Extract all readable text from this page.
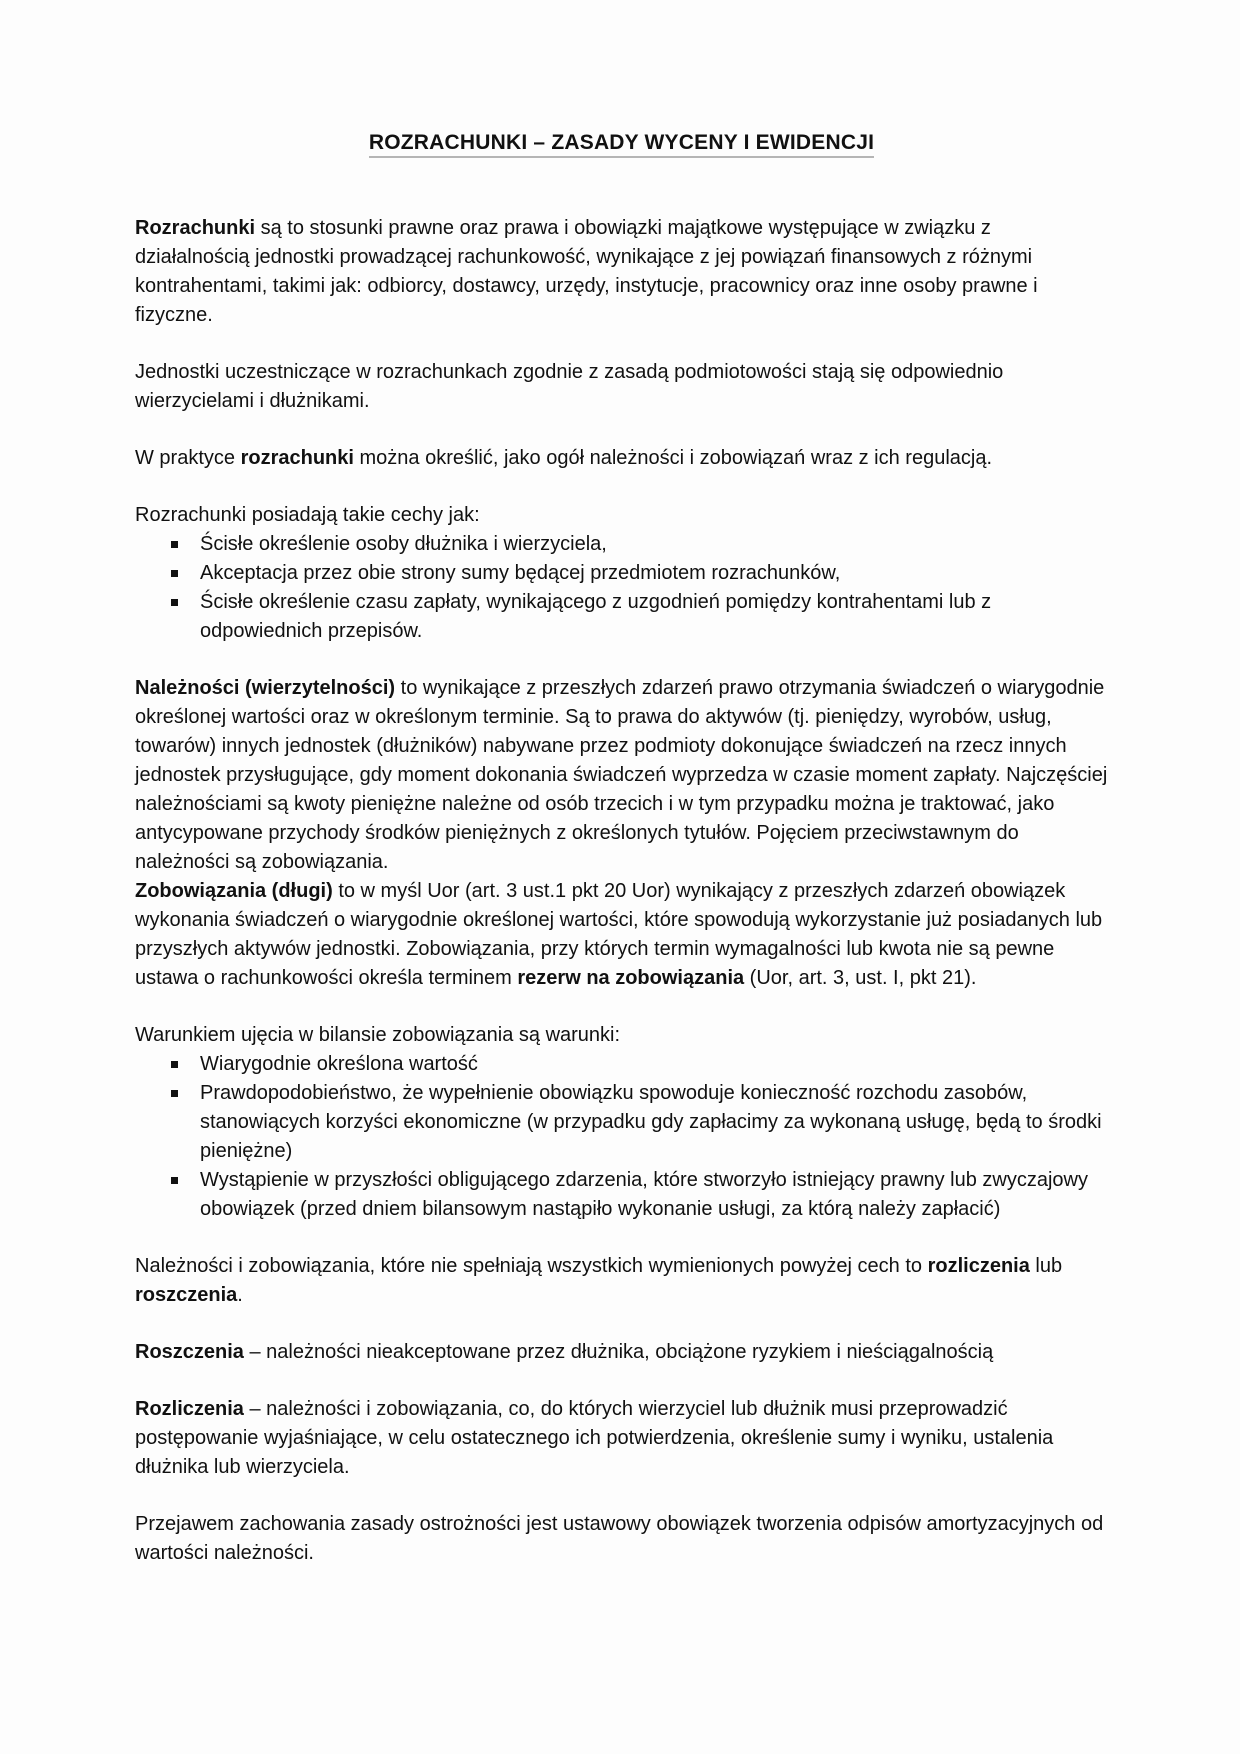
ROZRACHUNKI – ZASADY WYCENY I EWIDENCJI

Rozrachunki są to stosunki prawne oraz prawa i obowiązki majątkowe występujące w związku z działalnością jednostki prowadzącej rachunkowość, wynikające z jej powiązań finansowych z różnymi kontrahentami, takimi jak: odbiorcy, dostawcy, urzędy, instytucje, pracownicy oraz inne osoby prawne i fizyczne.

Jednostki uczestniczące w rozrachunkach zgodnie z zasadą podmiotowości stają się odpowiednio wierzycielami i dłużnikami.

W praktyce rozrachunki można określić, jako ogół należności i zobowiązań wraz z ich regulacją.

Rozrachunki posiadają takie cechy jak:

Ścisłe określenie osoby dłużnika i wierzyciela,
Akceptacja przez obie strony sumy będącej przedmiotem rozrachunków,
Ścisłe określenie czasu zapłaty, wynikającego z uzgodnień pomiędzy kontrahentami lub z odpowiednich przepisów.

Należności (wierzytelności) to wynikające z przeszłych zdarzeń prawo otrzymania świadczeń o wiarygodnie określonej wartości oraz w określonym terminie. Są to prawa do aktywów (tj. pieniędzy, wyrobów, usług, towarów) innych jednostek (dłużników) nabywane przez podmioty dokonujące świadczeń na rzecz innych jednostek przysługujące, gdy moment dokonania świadczeń wyprzedza w czasie moment zapłaty. Najczęściej należnościami są kwoty pieniężne należne od osób trzecich i w tym przypadku można je traktować, jako antycypowane przychody środków pieniężnych z określonych tytułów. Pojęciem przeciwstawnym do należności są zobowiązania.
Zobowiązania (długi) to w myśl Uor (art. 3 ust.1 pkt 20 Uor) wynikający z przeszłych zdarzeń obowiązek wykonania świadczeń o wiarygodnie określonej wartości, które spowodują wykorzystanie już posiadanych lub przyszłych aktywów jednostki. Zobowiązania, przy których termin wymagalności lub kwota nie są pewne ustawa o rachunkowości określa terminem rezerw na zobowiązania (Uor, art. 3, ust. I, pkt 21).

Warunkiem ujęcia w bilansie zobowiązania są warunki:

Wiarygodnie określona wartość
Prawdopodobieństwo, że wypełnienie obowiązku spowoduje konieczność rozchodu zasobów, stanowiących korzyści ekonomiczne (w przypadku gdy zapłacimy za wykonaną usługę, będą to środki pieniężne)
Wystąpienie w przyszłości obligującego zdarzenia, które stworzyło istniejący prawny lub zwyczajowy obowiązek (przed dniem bilansowym nastąpiło wykonanie usługi, za którą należy zapłacić)

Należności i zobowiązania, które nie spełniają wszystkich wymienionych powyżej cech to rozliczenia lub roszczenia.

Roszczenia – należności nieakceptowane przez dłużnika, obciążone ryzykiem i nieściągalnością

Rozliczenia – należności i zobowiązania, co, do których wierzyciel lub dłużnik musi przeprowadzić postępowanie wyjaśniające, w celu ostatecznego ich potwierdzenia, określenie sumy i wyniku, ustalenia dłużnika lub wierzyciela.

Przejawem zachowania zasady ostrożności jest ustawowy obowiązek tworzenia odpisów amortyzacyjnych od wartości należności.
